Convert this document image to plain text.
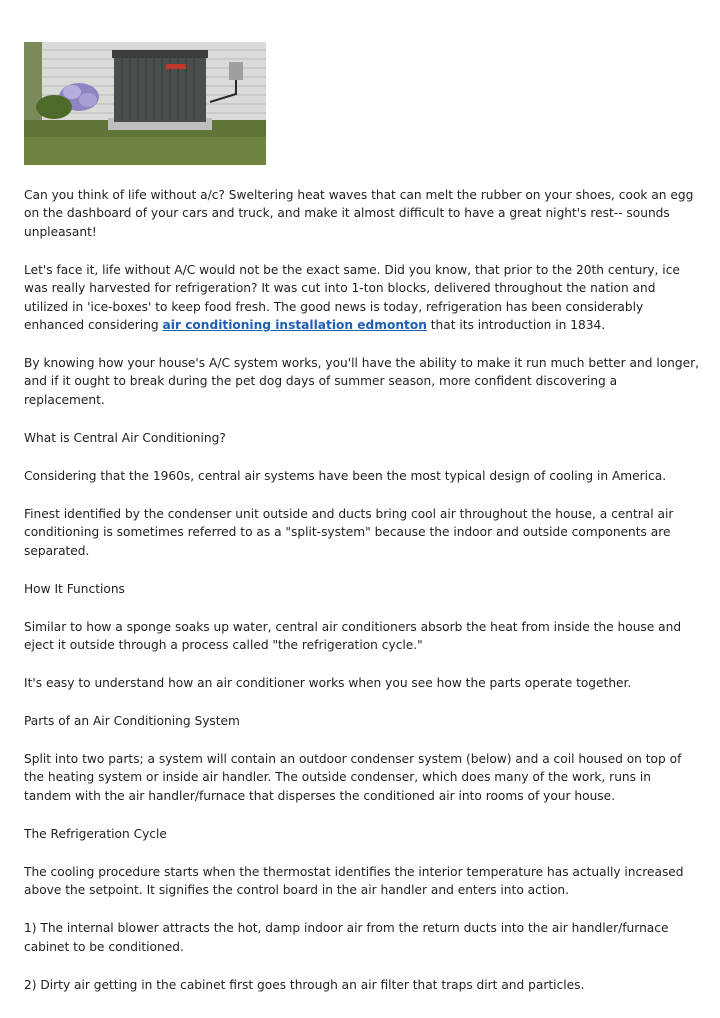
Can you think of life without a/c? Sweltering heat waves that can melt the rubber on your shoes, cook an egg on the dashboard of your cars and truck, and make it almost difficult to have a great night's rest-- sounds unpleasant!

Let's face it, life without A/C would not be the exact same. Did you know, that prior to the 20th century, ice was really harvested for refrigeration? It was cut into 1-ton blocks, delivered throughout the nation and utilized in 'ice-boxes' to keep food fresh. The good news is today, refrigeration has been considerably enhanced considering air conditioning installation edmonton that its introduction in 1834.

By knowing how your house's A/C system works, you'll have the ability to make it run much better and longer, and if it ought to break during the pet dog days of summer season, more confident discovering a replacement.

What is Central Air Conditioning?

Considering that the 1960s, central air systems have been the most typical design of cooling in America.

Finest identified by the condenser unit outside and ducts bring cool air throughout the house, a central air conditioning is sometimes referred to as a "split-system" because the indoor and outside components are separated.

How It Functions

Similar to how a sponge soaks up water, central air conditioners absorb the heat from inside the house and eject it outside through a process called "the refrigeration cycle."

It's easy to understand how an air conditioner works when you see how the parts operate together.

Parts of an Air Conditioning System

Split into two parts; a system will contain an outdoor condenser system (below) and a coil housed on top of the heating system or inside air handler. The outside condenser, which does many of the work, runs in tandem with the air handler/furnace that disperses the conditioned air into rooms of your house.

The Refrigeration Cycle

The cooling procedure starts when the thermostat identifies the interior temperature has actually increased above the setpoint. It signifies the control board in the air handler and enters into action.

1) The internal blower attracts the hot, damp indoor air from the return ducts into the air handler/furnace cabinet to be conditioned.

2) Dirty air getting in the cabinet first goes through an air filter that traps dirt and particles.
